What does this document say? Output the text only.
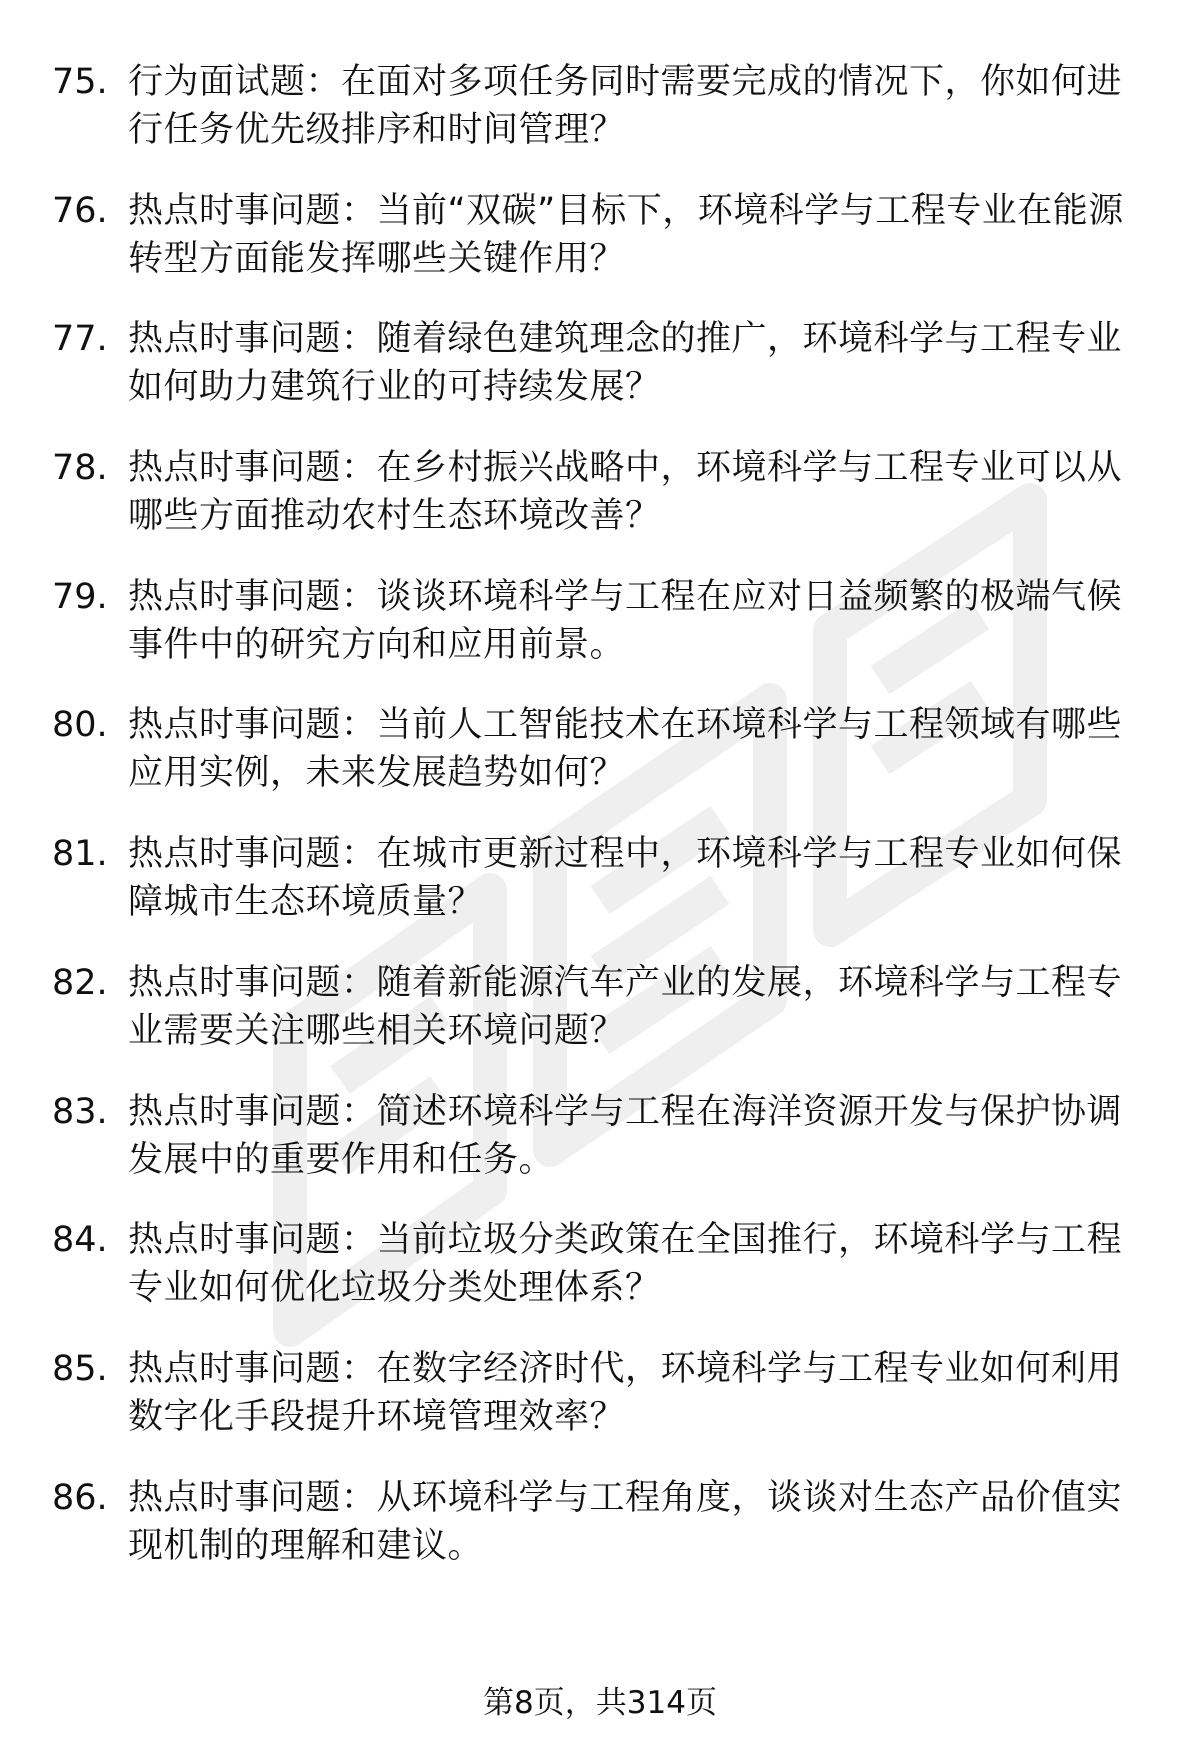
75. 行为面试题：在面对多项任务同时需要完成的情况下，你如何进行任务优先级排序和时间管理？
76. 热点时事问题：当前“双碳”目标下，环境科学与工程专业在能源转型方面能发挥哪些关键作用？
77. 热点时事问题：随着绿色建筑理念的推广，环境科学与工程专业如何助力建筑行业的可持续发展？
78. 热点时事问题：在乡村振兴战略中，环境科学与工程专业可以从哪些方面推动农村生态环境改善？
79. 热点时事问题：谈谈环境科学与工程在应对日益频繁的极端气候事件中的研究方向和应用前景。
80. 热点时事问题：当前人工智能技术在环境科学与工程领域有哪些应用实例，未来发展趋势如何？
81. 热点时事问题：在城市更新过程中，环境科学与工程专业如何保障城市生态环境质量？
82. 热点时事问题：随着新能源汽车产业的发展，环境科学与工程专业需要关注哪些相关环境问题？
83. 热点时事问题：简述环境科学与工程在海洋资源开发与保护协调发展中的重要作用和任务。
84. 热点时事问题：当前垃圾分类政策在全国推行，环境科学与工程专业如何优化垃圾分类处理体系？
85. 热点时事问题：在数字经济时代，环境科学与工程专业如何利用数字化手段提升环境管理效率？
86. 热点时事问题：从环境科学与工程角度，谈谈对生态产品价值实现机制的理解和建议。
第8页，共314页
